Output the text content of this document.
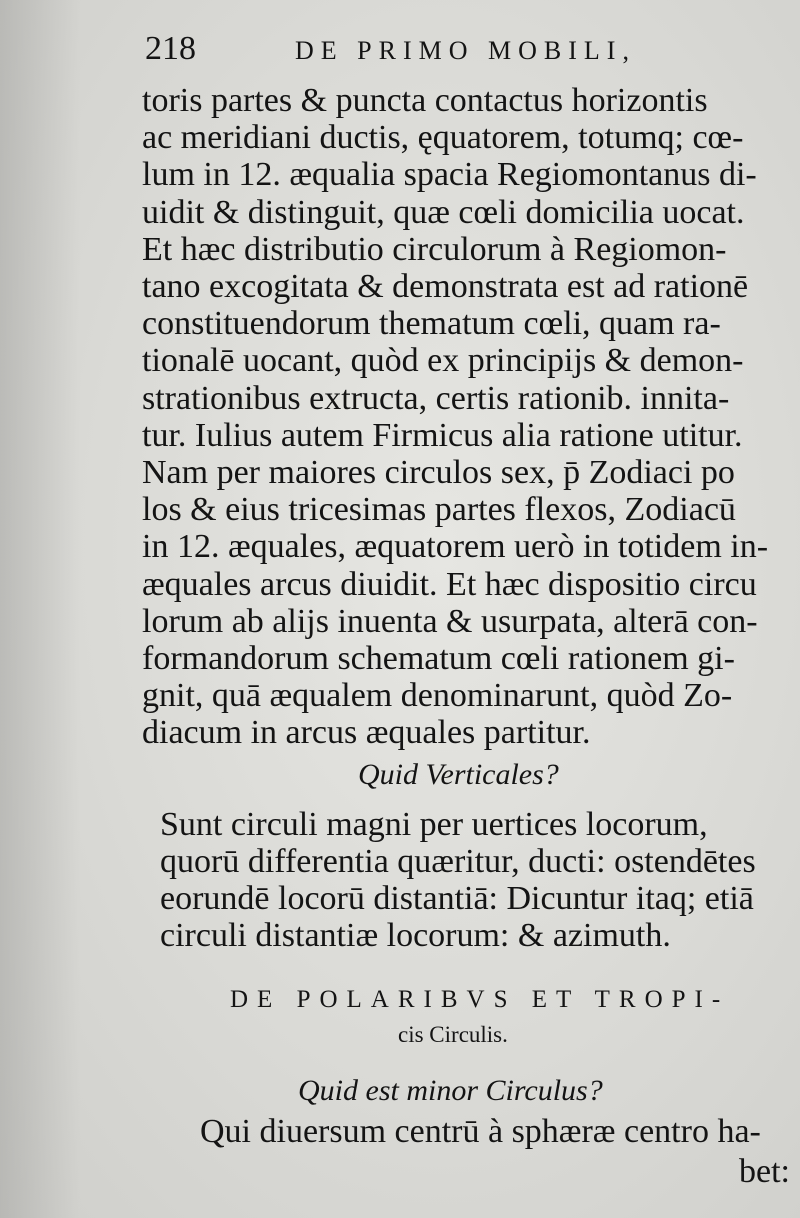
218	DE PRIMO MOBILI,
toris partes & puncta contactus horizontis
ac meridiani ductis, ęquatorem, totumq; cœ-
lum in 12. æqualia spacia Regiomontanus di-
uidit & distinguit, quæ cœli domicilia uocat.
Et hæc distributio circulorum à Regiomon-
tano excogitata & demonstrata est ad rationē
constituendorum thematum cœli, quam ra-
tionalē uocant, quòd ex principijs & demon-
strationibus extructa, certis rationib. innita-
tur. Iulius autem Firmicus alia ratione utitur.
Nam per maiores circulos sex, p̄ Zodiaci po
los & eius tricesimas partes flexos, Zodiacū
in 12. æquales, æquatorem uerò in totidem in-
æquales arcus diuidit. Et hæc dispositio circu
lorum ab alijs inuenta & usurpata, alterā con-
formandorum schematum cœli rationem gi-
gnit, quā æqualem denominarunt, quòd Zo-
diacum in arcus æquales partitur.
Quid Verticales?
Sunt circuli magni per uertices locorum,
quorū differentia quæritur, ducti: ostendētes
eorundē locorū distantiā: Dicuntur itaq; etiā
circuli distantiæ locorum: & azimuth.
DE POLARIBVS ET TROPI-
cis Circulis.
Quid est minor Circulus?
Qui diuersum centrū à sphæræ centro ha-
bet:
